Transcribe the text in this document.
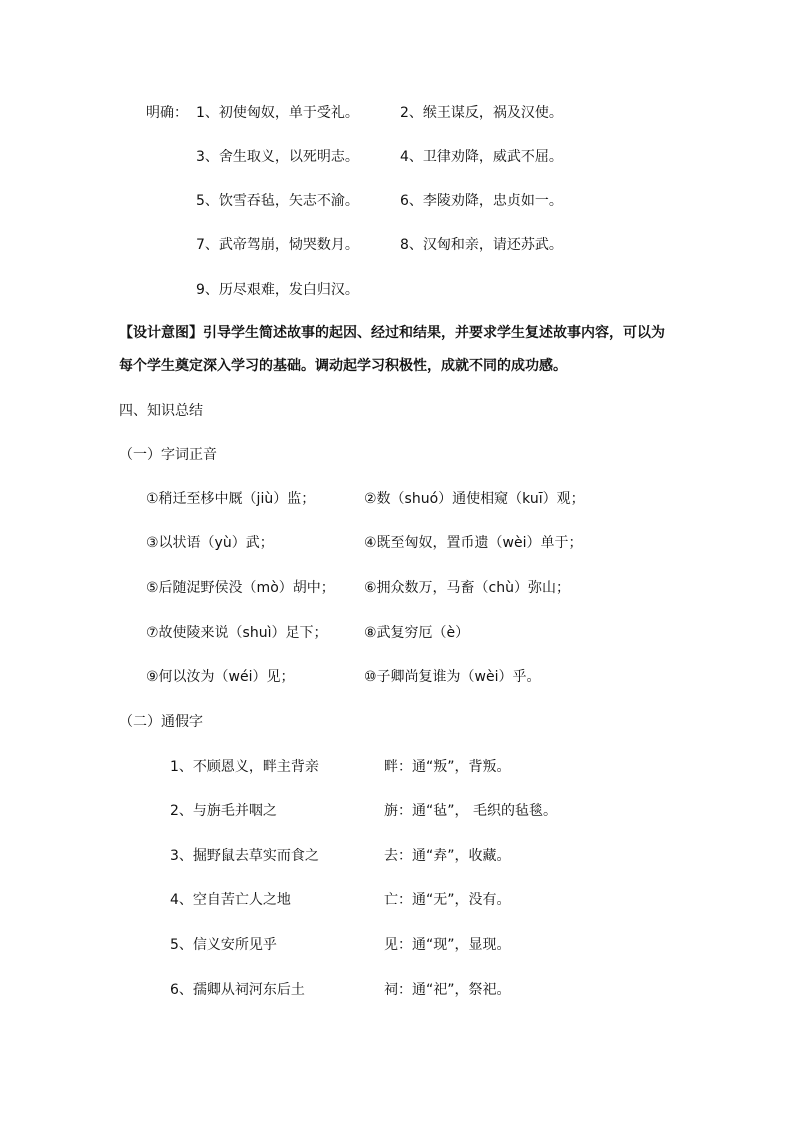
明确： 1、初使匈奴，单于受礼。	2、缑王谋反，祸及汉使。
3、舍生取义，以死明志。	4、卫律劝降，威武不屈。
5、饮雪吞毡，矢志不渝。	6、李陵劝降，忠贞如一。
7、武帝驾崩，恸哭数月。	8、汉匈和亲，请还苏武。
9、历尽艰难，发白归汉。
【设计意图】引导学生简述故事的起因、经过和结果，并要求学生复述故事内容，可以为
每个学生奠定深入学习的基础。调动起学习积极性，成就不同的成功感。
四、知识总结
（一）字词正音
①稍迁至栘中厩（jiù）监；	②数（shuó）通使相窥（kuī）观；
③以状语（yù）武；	④既至匈奴，置币遗（wèi）单于；
⑤后随浞野侯没（mò）胡中； ⑥拥众数万，马畜（chù）弥山；
⑦故使陵来说（shuì）足下；	⑧武复穷厄（è）
⑨何以汝为（wéi）见；	⑩子卿尚复谁为（wèi）乎。
（二）通假字
1、不顾恩义，畔主背亲	畔：通“叛”，背叛。
2、与旃毛并咽之	旃：通“毡”， 毛织的毡毯。
3、掘野鼠去草实而食之	去：通“弆”，收藏。
4、空自苦亡人之地	亡：通“无”，没有。
5、信义安所见乎	见：通“现”，显现。
6、孺卿从祠河东后土	祠：通“祀”，祭祀。
